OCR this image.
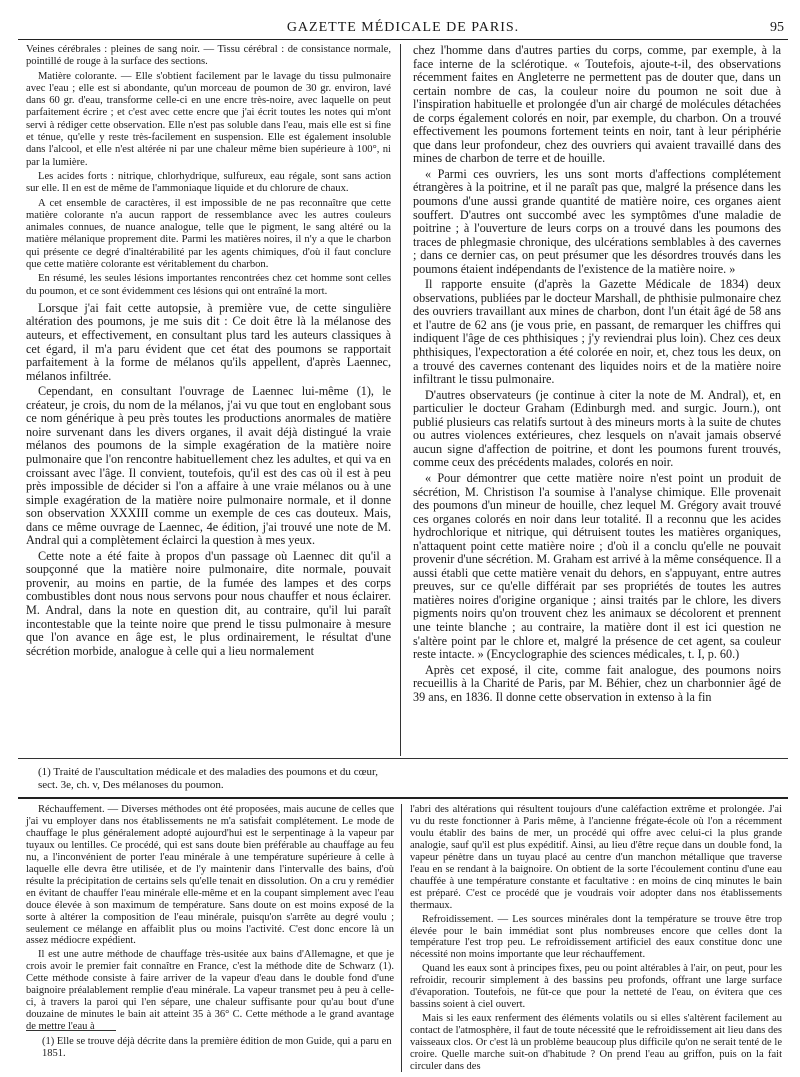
GAZETTE MÉDICALE DE PARIS.	95

Veines cérébrales : pleines de sang noir. — Tissu cérébral : de consistance normale, pointillé de rouge à la surface des sections.

Matière colorante. — Elle s'obtient facilement par le lavage du tissu pulmonaire avec l'eau ; elle est si abondante, qu'un morceau de poumon de 30 gr. environ, lavé dans 60 gr. d'eau, transforme celle-ci en une encre très-noire, avec laquelle on peut parfaitement écrire ; et c'est avec cette encre que j'ai écrit toutes les notes qui m'ont servi à rédiger cette observation. Elle n'est pas soluble dans l'eau, mais elle est si fine et ténue, qu'elle y reste très-facilement en suspension. Elle est également insoluble dans l'alcool, et elle n'est altérée ni par une chaleur même bien supérieure à 100°, ni par la lumière.

Les acides forts : nitrique, chlorhydrique, sulfureux, eau régale, sont sans action sur elle. Il en est de même de l'ammoniaque liquide et du chlorure de chaux.

A cet ensemble de caractères, il est impossible de ne pas reconnaître que cette matière colorante n'a aucun rapport de ressemblance avec les autres couleurs animales connues, de nuance analogue, telle que le pigment, le sang altéré ou la matière mélanique proprement dite. Parmi les matières noires, il n'y a que le charbon qui présente ce degré d'inaltérabilité par les agents chimiques, d'où il faut conclure que cette matière colorante est véritablement du charbon.

En résumé, les seules lésions importantes rencontrées chez cet homme sont celles du poumon, et ce sont évidemment ces lésions qui ont entraîné la mort.

Lorsque j'ai fait cette autopsie, à première vue, de cette singulière altération des poumons, je me suis dit : Ce doit être là la mélanose des auteurs, et effectivement, en consultant plus tard les auteurs classiques à cet égard, il m'a paru évident que cet état des poumons se rapportait parfaitement à la forme de mélanos qu'ils appellent, d'après Laennec, mélanos infiltrée.

Cependant, en consultant l'ouvrage de Laennec lui-même (1), le créateur, je crois, du nom de la mélanos, j'ai vu que tout en englobant sous ce nom générique à peu près toutes les productions anormales de matière noire survenant dans les divers organes, il avait déjà distingué la vraie mélanos des poumons de la simple exagération de la matière noire pulmonaire que l'on rencontre habituellement chez les adultes, et qui va en croissant avec l'âge. Il convient, toutefois, qu'il est des cas où il est à peu près impossible de décider si l'on a affaire à une vraie mélanos ou à une simple exagération de la matière noire pulmonaire normale, et il donne son observation XXXIII comme un exemple de ces cas douteux. Mais, dans ce même ouvrage de Laennec, 4e édition, j'ai trouvé une note de M. Andral qui a complètement éclairci la question à mes yeux.

Cette note a été faite à propos d'un passage où Laennec dit qu'il a soupçonné que la matière noire pulmonaire, dite normale, pouvait provenir, au moins en partie, de la fumée des lampes et des corps combustibles dont nous nous servons pour nous chauffer et nous éclairer. M. Andral, dans la note en question dit, au contraire, qu'il lui paraît incontestable que la teinte noire que prend le tissu pulmonaire à mesure que l'on avance en âge est, le plus ordinairement, le résultat d'une sécrétion morbide, analogue à celle qui a lieu normalement

chez l'homme dans d'autres parties du corps, comme, par exemple, à la face interne de la sclérotique. « Toutefois, ajoute-t-il, des observations récemment faites en Angleterre ne permettent pas de douter que, dans un certain nombre de cas, la couleur noire du poumon ne soit due à l'inspiration habituelle et prolongée d'un air chargé de molécules détachées de corps également colorés en noir, par exemple, du charbon. On a trouvé effectivement les poumons fortement teints en noir, tant à leur périphérie que dans leur profondeur, chez des ouvriers qui avaient travaillé dans des mines de charbon de terre et de houille.

« Parmi ces ouvriers, les uns sont morts d'affections complétement étrangères à la poitrine, et il ne paraît pas que, malgré la présence dans les poumons d'une aussi grande quantité de matière noire, ces organes aient souffert. D'autres ont succombé avec les symptômes d'une maladie de poitrine ; à l'ouverture de leurs corps on a trouvé dans les poumons des traces de phlegmasie chronique, des ulcérations semblables à des cavernes ; dans ce dernier cas, on peut présumer que les désordres trouvés dans les poumons étaient indépendants de l'existence de la matière noire. »

Il rapporte ensuite (d'après la Gazette Médicale de 1834) deux observations, publiées par le docteur Marshall, de phthisie pulmonaire chez des ouvriers travaillant aux mines de charbon, dont l'un était âgé de 58 ans et l'autre de 62 ans (je vous prie, en passant, de remarquer les chiffres qui indiquent l'âge de ces phthisiques ; j'y reviendrai plus loin). Chez ces deux phthisiques, l'expectoration a été colorée en noir, et, chez tous les deux, on a trouvé des cavernes contenant des liquides noirs et de la matière noire infiltrant le tissu pulmonaire.

D'autres observateurs (je continue à citer la note de M. Andral), et, en particulier le docteur Graham (Edinburgh med. and surgic. Journ.), ont publié plusieurs cas relatifs surtout à des mineurs morts à la suite de chutes ou autres violences extérieures, chez lesquels on n'avait jamais observé aucun signe d'affection de poitrine, et dont les poumons furent trouvés, comme ceux des précédents malades, colorés en noir.

« Pour démontrer que cette matière noire n'est point un produit de sécrétion, M. Christison l'a soumise à l'analyse chimique. Elle provenait des poumons d'un mineur de houille, chez lequel M. Grégory avait trouvé ces organes colorés en noir dans leur totalité. Il a reconnu que les acides hydrochlorique et nitrique, qui détruisent toutes les matières organiques, n'attaquent point cette matière noire ; d'où il a conclu qu'elle ne pouvait provenir d'une sécrétion. M. Graham est arrivé à la même conséquence. Il a aussi établi que cette matière venait du dehors, en s'appuyant, entre autres preuves, sur ce qu'elle différait par ses propriétés de toutes les autres matières noires d'origine organique ; ainsi traités par le chlore, les divers pigments noirs qu'on trouvent chez les animaux se décolorent et prennent une teinte blanche ; au contraire, la matière dont il est ici question ne s'altère point par le chlore et, malgré la présence de cet agent, sa couleur reste intacte. » (Encyclographie des sciences médicales, t. I, p. 60.)

Après cet exposé, il cite, comme fait analogue, des poumons noirs recueillis à la Charité de Paris, par M. Béhier, chez un charbonnier âgé de 39 ans, en 1836. Il donne cette observation in extenso à la fin

(1) Traité de l'auscultation médicale et des maladies des poumons et du cœur, sect. 3e, ch. v, Des mélanoses du poumon.

Réchauffement. — Diverses méthodes ont été proposées, mais aucune de celles que j'ai vu employer dans nos établissements ne m'a satisfait complétement. Le mode de chauffage le plus généralement adopté aujourd'hui est le serpentinage à la vapeur par tuyaux ou lentilles. Ce procédé, qui est sans doute bien préférable au chauffage au feu nu, a l'inconvénient de porter l'eau minérale à une température supérieure à celle à laquelle elle devra être utilisée, et de l'y maintenir dans l'intervalle des bains, d'où résulte la précipitation de certains sels qu'elle tenait en dissolution. On a cru y remédier en évitant de chauffer l'eau minérale elle-même et en la coupant simplement avec l'eau douce élevée à son maximum de température. Sans doute on est moins exposé de la sorte à altérer la composition de l'eau minérale, puisqu'on s'arrête au degré voulu ; seulement ce mélange en affaiblit plus ou moins l'activité. C'est donc encore là un assez médiocre expédient.

Il est une autre méthode de chauffage très-usitée aux bains d'Allemagne, et que je crois avoir le premier fait connaître en France, c'est la méthode dite de Schwarz (1). Cette méthode consiste à faire arriver de la vapeur d'eau dans le double fond d'une baignoire préalablement remplie d'eau minérale. La vapeur transmet peu à peu à celle-ci, à travers la paroi qui l'en sépare, une chaleur suffisante pour qu'au bout d'une douzaine de minutes le bain ait atteint 35 à 36° C. Cette méthode a le grand avantage de mettre l'eau à

l'abri des altérations qui résultent toujours d'une caléfaction extrême et prolongée. J'ai vu du reste fonctionner à Paris même, à l'ancienne frégate-école où l'on a récemment voulu établir des bains de mer, un procédé qui offre avec celui-ci la plus grande analogie, sauf qu'il est plus expéditif. Ainsi, au lieu d'être reçue dans un double fond, la vapeur pénètre dans un tuyau placé au centre d'un manchon métallique que traverse l'eau en se rendant à la baignoire. On obtient de la sorte l'écoulement continu d'une eau chauffée à une température constante et facultative : en moins de cinq minutes le bain est préparé. C'est ce procédé que je voudrais voir adopter dans nos établissements thermaux.

Refroidissement. — Les sources minérales dont la température se trouve être trop élevée pour le bain immédiat sont plus nombreuses encore que celles dont la température l'est trop peu. Le refroidissement artificiel des eaux constitue donc une nécessité non moins importante que leur réchauffement.

Quand les eaux sont à principes fixes, peu ou point altérables à l'air, on peut, pour les refroidir, recourir simplement à des bassins peu profonds, offrant une large surface d'évaporation. Toutefois, ne fût-ce que pour la netteté de l'eau, on évitera que ces bassins soient à ciel ouvert.

Mais si les eaux renferment des éléments volatils ou si elles s'altèrent facilement au contact de l'atmosphère, il faut de toute nécessité que le refroidissement ait lieu dans des vaisseaux clos. Or c'est là un problème beaucoup plus difficile qu'on ne serait tenté de le croire. Quelle marche suit-on d'habitude ? On prend l'eau au griffon, puis on la fait circuler dans des

(1) Elle se trouve déjà décrite dans la première édition de mon Guide, qui a paru en 1851.
